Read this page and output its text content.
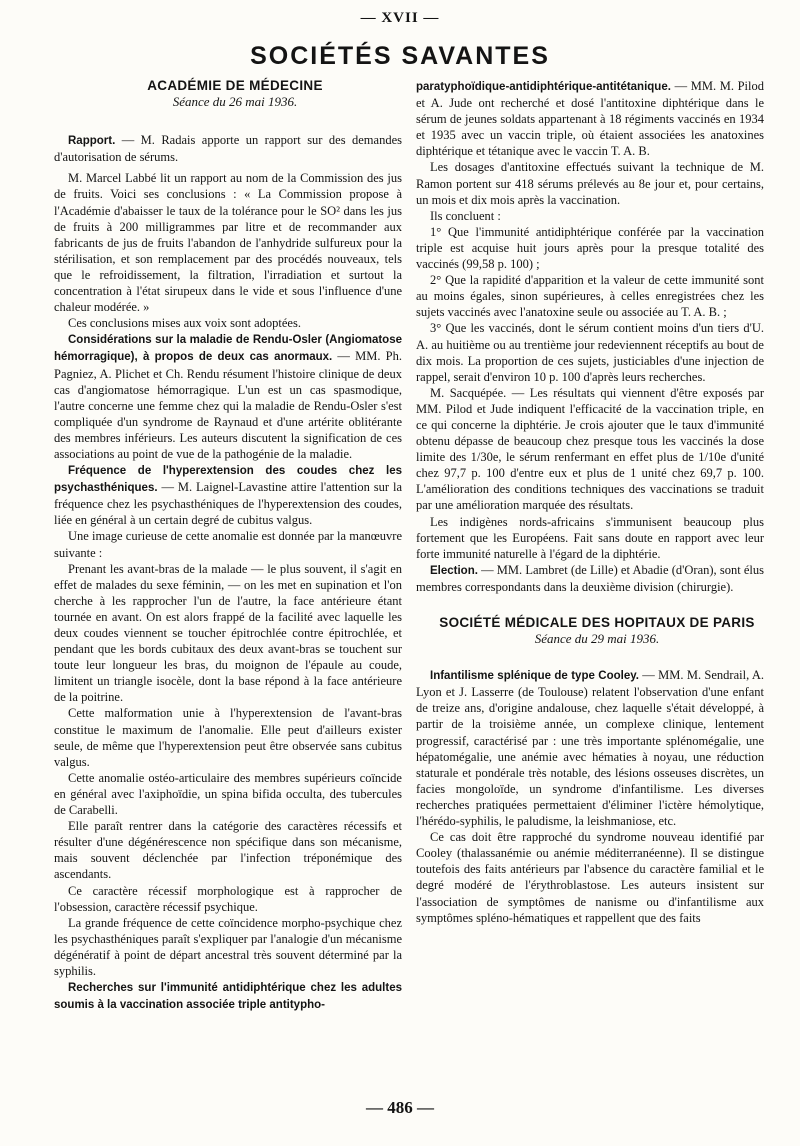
— XVII —
SOCIÉTÉS SAVANTES

ACADÉMIE DE MÉDECINE

Séance du 26 mai 1936.

Rapport. — M. Radais apporte un rapport sur des demandes d'autorisation de sérums.

M. Marcel Labbé lit un rapport au nom de la Commission des jus de fruits. Voici ses conclusions : « La Commission propose à l'Académie d'abaisser le taux de la tolérance pour le SO² dans les jus de fruits à 200 milligrammes par litre et de recommander aux fabricants de jus de fruits l'abandon de l'anhydride sulfureux pour la stérilisation, et son remplacement par des procédés nouveaux, tels que le refroidissement, la filtration, l'irradiation et surtout la concentration à l'état sirupeux dans le vide et sous l'influence d'une chaleur modérée. »

Ces conclusions mises aux voix sont adoptées.

Considérations sur la maladie de Rendu-Osler (Angiomatose hémorragique), à propos de deux cas anormaux. — MM. Ph. Pagniez, A. Plichet et Ch. Rendu résument l'histoire clinique de deux cas d'angiomatose hémorragique. L'un est un cas spasmodique, l'autre concerne une femme chez qui la maladie de Rendu-Osler s'est compliquée d'un syndrome de Raynaud et d'une artérite oblitérante des membres inférieurs. Les auteurs discutent la signification de ces associations au point de vue de la pathogénie de la maladie.

Fréquence de l'hyperextension des coudes chez les psychasthéniques. — M. Laignel-Lavastine attire l'attention sur la fréquence chez les psychasthéniques de l'hyperextension des coudes, liée en général à un certain degré de cubitus valgus.

Une image curieuse de cette anomalie est donnée par la manœuvre suivante :

Prenant les avant-bras de la malade — le plus souvent, il s'agit en effet de malades du sexe féminin, — on les met en supination et l'on cherche à les rapprocher l'un de l'autre, la face antérieure étant tournée en avant. On est alors frappé de la facilité avec laquelle les deux coudes viennent se toucher épitrochlée contre épitrochlée, et pendant que les bords cubitaux des deux avant-bras se touchent sur toute leur longueur les bras, du moignon de l'épaule au coude, limitent un triangle isocèle, dont la base répond à la face antérieure de la poitrine.

Cette malformation unie à l'hyperextension de l'avant-bras constitue le maximum de l'anomalie. Elle peut d'ailleurs exister seule, de même que l'hyperextension peut être observée sans cubitus valgus.

Cette anomalie ostéo-articulaire des membres supérieurs coïncide en général avec l'axiphoïdie, un spina bifida occulta, des tubercules de Carabelli.

Elle paraît rentrer dans la catégorie des caractères récessifs et résulter d'une dégénérescence non spécifique dans son mécanisme, mais souvent déclenchée par l'infection tréponémique des ascendants.

Ce caractère récessif morphologique est à rapprocher de l'obsession, caractère récessif psychique.

La grande fréquence de cette coïncidence morpho-psychique chez les psychasthéniques paraît s'expliquer par l'analogie d'un mécanisme dégénératif à point de départ ancestral très souvent déterminé par la syphilis.

Recherches sur l'immunité antidiphtérique chez les adultes soumis à la vaccination associée triple antitypho-

paratyphoïdique-antidiphtérique-antitétanique. — MM. M. Pilod et A. Jude ont recherché et dosé l'antitoxine diphtérique dans le sérum de jeunes soldats appartenant à 18 régiments vaccinés en 1934 et 1935 avec un vaccin triple, où étaient associées les anatoxines diphtérique et tétanique avec le vaccin T. A. B.

Les dosages d'antitoxine effectués suivant la technique de M. Ramon portent sur 418 sérums prélevés au 8e jour et, pour certains, un mois et dix mois après la vaccination.

Ils concluent :

1° Que l'immunité antidiphtérique conférée par la vaccination triple est acquise huit jours après pour la presque totalité des vaccinés (99,58 p. 100) ;

2° Que la rapidité d'apparition et la valeur de cette immunité sont au moins égales, sinon supérieures, à celles enregistrées chez les sujets vaccinés avec l'anatoxine seule ou associée au T. A. B. ;

3° Que les vaccinés, dont le sérum contient moins d'un tiers d'U. A. au huitième ou au trentième jour redeviennent réceptifs au bout de dix mois. La proportion de ces sujets, justiciables d'une injection de rappel, serait d'environ 10 p. 100 d'après leurs recherches.

M. Sacquépée. — Les résultats qui viennent d'être exposés par MM. Pilod et Jude indiquent l'efficacité de la vaccination triple, en ce qui concerne la diphtérie. Je crois ajouter que le taux d'immunité obtenu dépasse de beaucoup chez presque tous les vaccinés la dose limite des 1/30e, le sérum renfermant en effet plus de 1/10e d'unité chez 97,7 p. 100 d'entre eux et plus de 1 unité chez 69,7 p. 100. L'amélioration des conditions techniques des vaccinations se traduit par une amélioration marquée des résultats.

Les indigènes nords-africains s'immunisent beaucoup plus fortement que les Européens. Fait sans doute en rapport avec leur forte immunité naturelle à l'égard de la diphtérie.

Election. — MM. Lambret (de Lille) et Abadie (d'Oran), sont élus membres correspondants dans la deuxième division (chirurgie).

SOCIÉTÉ MÉDICALE DES HOPITAUX DE PARIS

Séance du 29 mai 1936.

Infantilisme splénique de type Cooley. — MM. M. Sendrail, A. Lyon et J. Lasserre (de Toulouse) relatent l'observation d'une enfant de treize ans, d'origine andalouse, chez laquelle s'était développé, à partir de la troisième année, un complexe clinique, lentement progressif, caractérisé par : une très importante splénomégalie, une hépatomégalie, une anémie avec hématies à noyau, une réduction staturale et pondérale très notable, des lésions osseuses discrètes, un facies mongoloïde, un syndrome d'infantilisme. Les diverses recherches pratiquées permettaient d'éliminer l'ictère hémolytique, l'hérédo-syphilis, le paludisme, la leishmaniose, etc.

Ce cas doit être rapproché du syndrome nouveau identifié par Cooley (thalassanémie ou anémie méditerranéenne). Il se distingue toutefois des faits antérieurs par l'absence du caractère familial et le degré modéré de l'érythroblastose. Les auteurs insistent sur l'association de symptômes de nanisme ou d'infantilisme aux symptômes spléno-hématiques et rappellent que des faits

— 486 —
